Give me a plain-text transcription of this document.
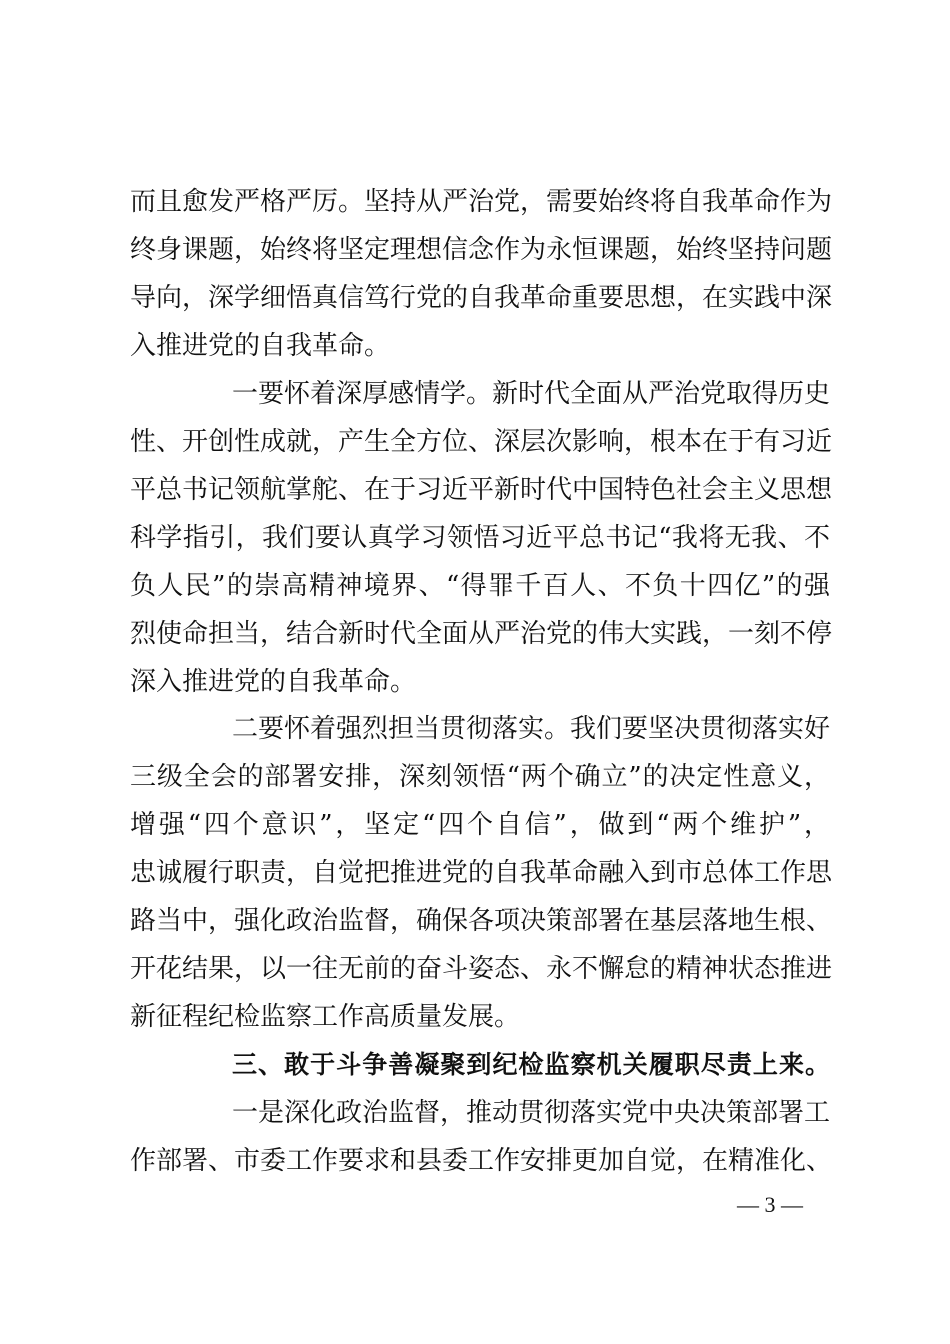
而且愈发严格严厉。坚持从严治党，需要始终将自我革命作为
终身课题，始终将坚定理想信念作为永恒课题，始终坚持问题
导向，深学细悟真信笃行党的自我革命重要思想，在实践中深
入推进党的自我革命。
一要怀着深厚感情学。新时代全面从严治党取得历史
性、开创性成就，产生全方位、深层次影响，根本在于有习近
平总书记领航掌舵、在于习近平新时代中国特色社会主义思想
科学指引，我们要认真学习领悟习近平总书记“我将无我、不
负人民”的崇高精神境界、“得罪千百人、不负十四亿”的强
烈使命担当，结合新时代全面从严治党的伟大实践，一刻不停
深入推进党的自我革命。
二要怀着强烈担当贯彻落实。我们要坚决贯彻落实好
三级全会的部署安排，深刻领悟“两个确立”的决定性意义，
增强“四个意识”，坚定“四个自信”，做到“两个维护”，
忠诚履行职责，自觉把推进党的自我革命融入到市总体工作思
路当中，强化政治监督，确保各项决策部署在基层落地生根、
开花结果，以一往无前的奋斗姿态、永不懈怠的精神状态推进
新征程纪检监察工作高质量发展。
三、敢于斗争善凝聚到纪检监察机关履职尽责上来。
一是深化政治监督，推动贯彻落实党中央决策部署工
作部署、市委工作要求和县委工作安排更加自觉，在精准化、
— 3 —
